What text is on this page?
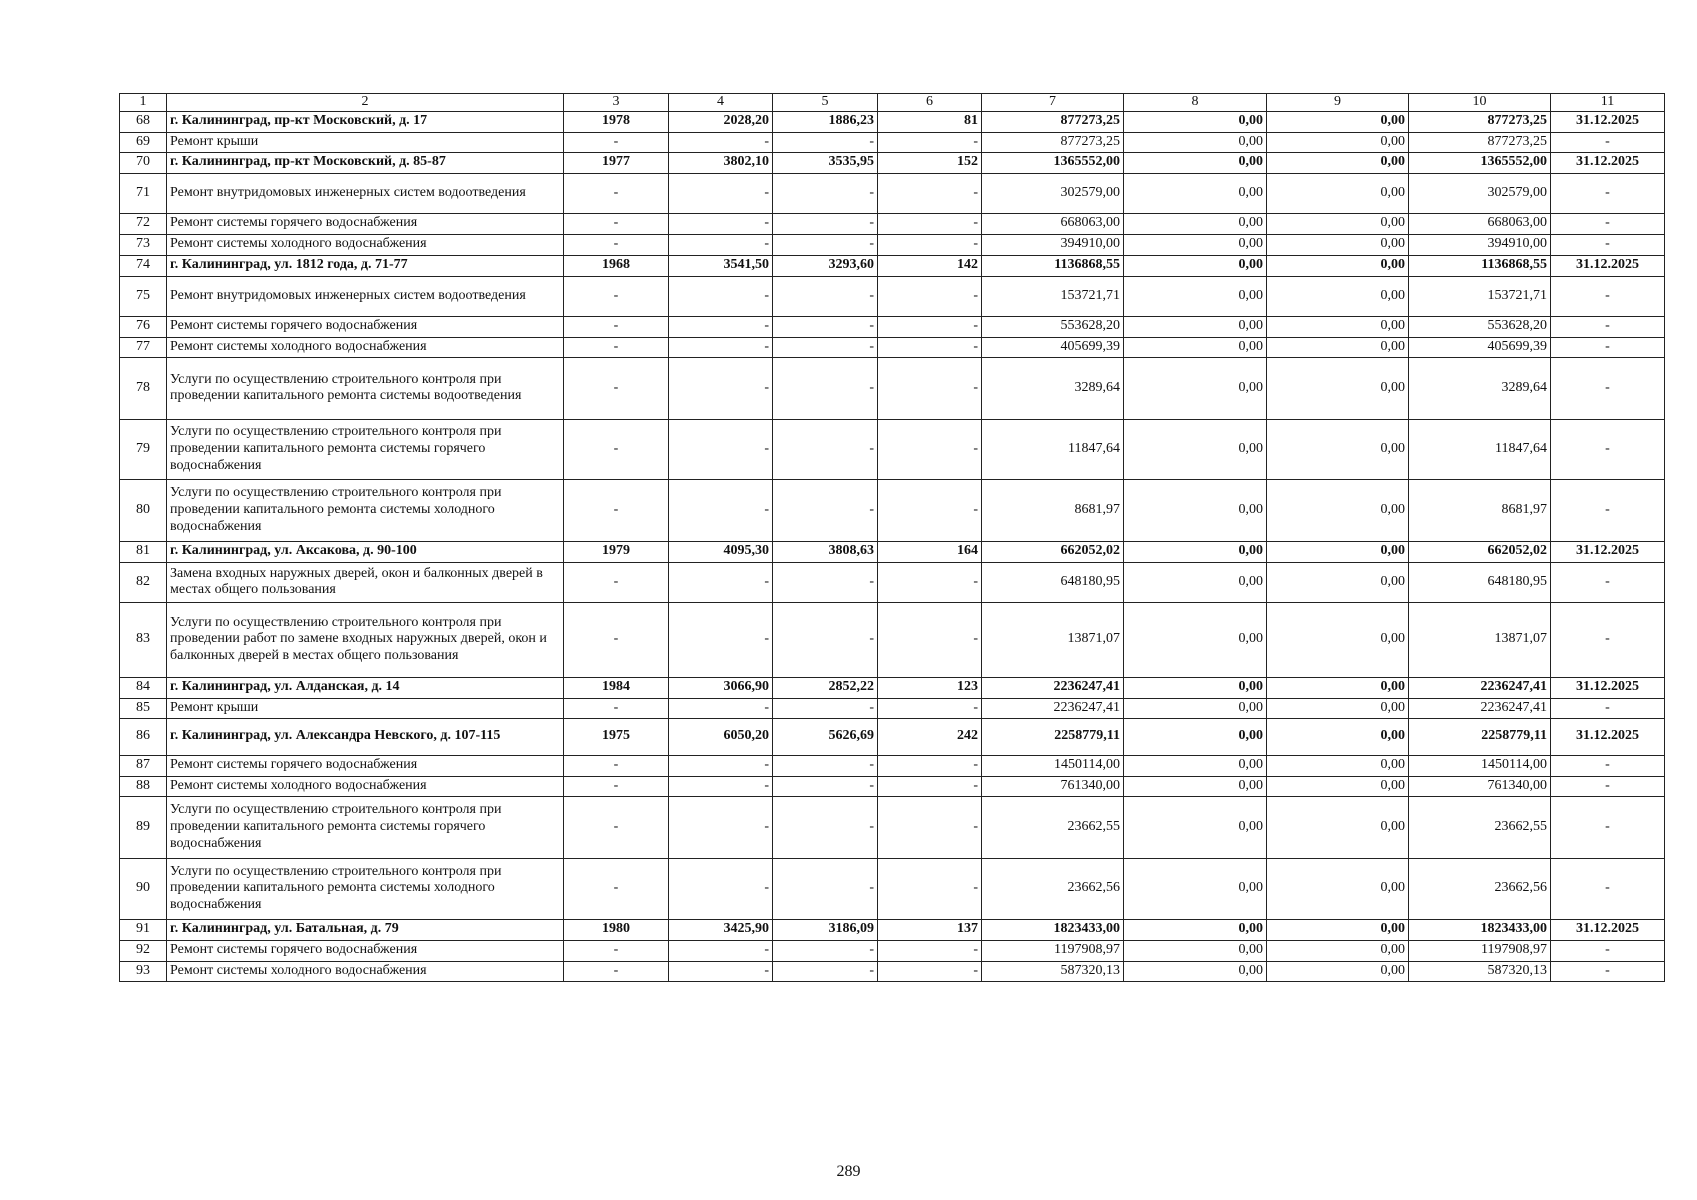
1	2	3	4	5	6	7	8	9	10	11
68	г. Калининград, пр-кт Московский, д. 17	1978	2028,20	1886,23	81	877273,25	0,00	0,00	877273,25	31.12.2025
69	Ремонт крыши	-	-	-	-	877273,25	0,00	0,00	877273,25	-
70	г. Калининград, пр-кт Московский, д. 85-87	1977	3802,10	3535,95	152	1365552,00	0,00	0,00	1365552,00	31.12.2025
71	Ремонт внутридомовых инженерных систем водоотведения	-	-	-	-	302579,00	0,00	0,00	302579,00	-
72	Ремонт системы горячего водоснабжения	-	-	-	-	668063,00	0,00	0,00	668063,00	-
73	Ремонт системы холодного водоснабжения	-	-	-	-	394910,00	0,00	0,00	394910,00	-
74	г. Калининград, ул. 1812 года, д. 71-77	1968	3541,50	3293,60	142	1136868,55	0,00	0,00	1136868,55	31.12.2025
75	Ремонт внутридомовых инженерных систем водоотведения	-	-	-	-	153721,71	0,00	0,00	153721,71	-
76	Ремонт системы горячего водоснабжения	-	-	-	-	553628,20	0,00	0,00	553628,20	-
77	Ремонт системы холодного водоснабжения	-	-	-	-	405699,39	0,00	0,00	405699,39	-
78	Услуги по осуществлению строительного контроля при проведении капитального ремонта системы водоотведения	-	-	-	-	3289,64	0,00	0,00	3289,64	-
79	Услуги по осуществлению строительного контроля при проведении капитального ремонта системы горячего водоснабжения	-	-	-	-	11847,64	0,00	0,00	11847,64	-
80	Услуги по осуществлению строительного контроля при проведении капитального ремонта системы холодного водоснабжения	-	-	-	-	8681,97	0,00	0,00	8681,97	-
81	г. Калининград, ул. Аксакова, д. 90-100	1979	4095,30	3808,63	164	662052,02	0,00	0,00	662052,02	31.12.2025
82	Замена входных наружных дверей, окон и балконных дверей в местах общего пользования	-	-	-	-	648180,95	0,00	0,00	648180,95	-
83	Услуги по осуществлению строительного контроля при проведении работ по замене входных наружных дверей, окон и балконных дверей в местах общего пользования	-	-	-	-	13871,07	0,00	0,00	13871,07	-
84	г. Калининград, ул. Алданская, д. 14	1984	3066,90	2852,22	123	2236247,41	0,00	0,00	2236247,41	31.12.2025
85	Ремонт крыши	-	-	-	-	2236247,41	0,00	0,00	2236247,41	-
86	г. Калининград, ул. Александра Невского, д. 107-115	1975	6050,20	5626,69	242	2258779,11	0,00	0,00	2258779,11	31.12.2025
87	Ремонт системы горячего водоснабжения	-	-	-	-	1450114,00	0,00	0,00	1450114,00	-
88	Ремонт системы холодного водоснабжения	-	-	-	-	761340,00	0,00	0,00	761340,00	-
89	Услуги по осуществлению строительного контроля при проведении капитального ремонта системы горячего водоснабжения	-	-	-	-	23662,55	0,00	0,00	23662,55	-
90	Услуги по осуществлению строительного контроля при проведении капитального ремонта системы холодного водоснабжения	-	-	-	-	23662,56	0,00	0,00	23662,56	-
91	г. Калининград, ул. Батальная, д. 79	1980	3425,90	3186,09	137	1823433,00	0,00	0,00	1823433,00	31.12.2025
92	Ремонт системы горячего водоснабжения	-	-	-	-	1197908,97	0,00	0,00	1197908,97	-
93	Ремонт системы холодного водоснабжения	-	-	-	-	587320,13	0,00	0,00	587320,13	-
289
